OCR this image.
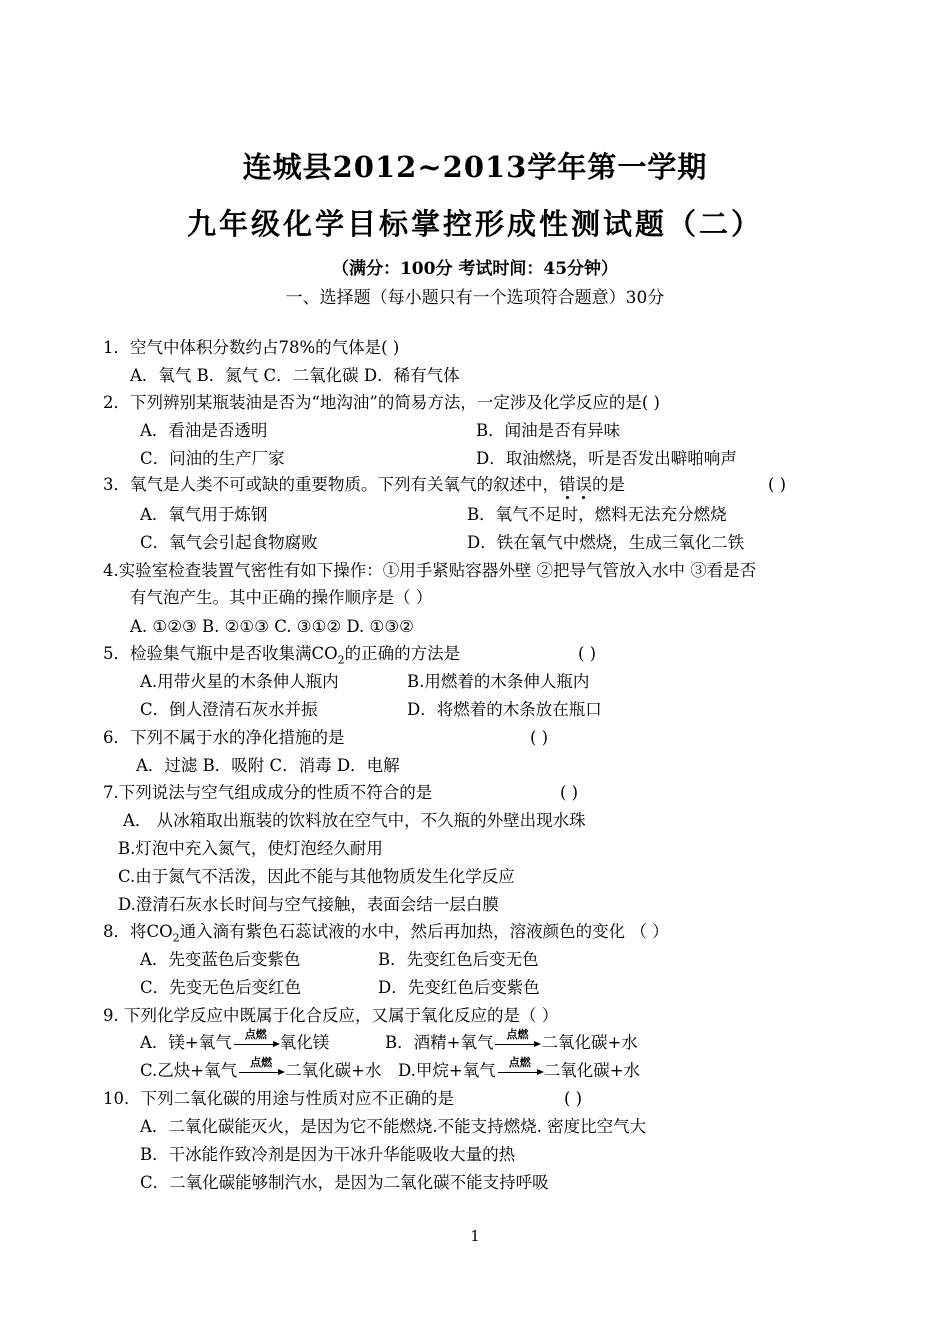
连城县2012~2013学年第一学期
九年级化学目标掌控形成性测试题（二）
（满分：100分 考试时间：45分钟）
一、选择题（每小题只有一个选项符合题意）30分
1．空气中体积分数约占78%的气体是( )
A．氧气 B．氮气 C．二氧化碳 D．稀有气体
2．下列辨别某瓶装油是否为“地沟油”的简易方法，一定涉及化学反应的是( )
A．看油是否透明	B．闻油是否有异味
C．问油的生产厂家	D．取油燃烧，听是否发出噼啪响声
3．氧气是人类不可或缺的重要物质。下列有关氧气的叙述中，错误的是	( )
A．氧气用于炼钢	B．氧气不足时，燃料无法充分燃烧
C．氧气会引起食物腐败	D．铁在氧气中燃烧，生成三氧化二铁
4.实验室检查装置气密性有如下操作：①用手紧贴容器外壁 ②把导气管放入水中 ③看是否
有气泡产生。其中正确的操作顺序是（ ）
A. ①②③ B. ②①③ C. ③①② D. ①③②
5．检验集气瓶中是否收集满$CO_2$的正确的方法是	( )
A.用带火星的木条伸人瓶内	B.用燃着的木条伸人瓶内
C．倒人澄清石灰水并振	D．将燃着的木条放在瓶口
6．下列不属于水的净化措施的是	( )
A．过滤 B．吸附 C．消毒 D．电解
7.下列说法与空气组成成分的性质不符合的是	( )
A． 从冰箱取出瓶装的饮料放在空气中，不久瓶的外壁出现水珠
B.灯泡中充入氮气，使灯泡经久耐用
C.由于氮气不活泼，因此不能与其他物质发生化学反应
D.澄清石灰水长时间与空气接触，表面会结一层白膜
8．将$CO_2$通入滴有紫色石蕊试液的水中，然后再加热，溶液颜色的变化 （ ）
A．先变蓝色后变紫色	B．先变红色后变无色
C．先变无色后变红色	D．先变红色后变紫色
9. 下列化学反应中既属于化合反应，又属于氧化反应的是（ ）
A．镁+氧气	点燃 氧化镁	B．酒精+氧气	点燃 二氧化碳+水
C.乙炔+氧气	点燃 二氧化碳+水 D.甲烷+氧气	点燃 二氧化碳+水
10．下列二氧化碳的用途与性质对应不正确的是	( )
A．二氧化碳能灭火，是因为它不能燃烧.不能支持燃烧. 密度比空气大
B．干冰能作致冷剂是因为干冰升华能吸收大量的热
C．二氧化碳能够制汽水，是因为二氧化碳不能支持呼吸
1
